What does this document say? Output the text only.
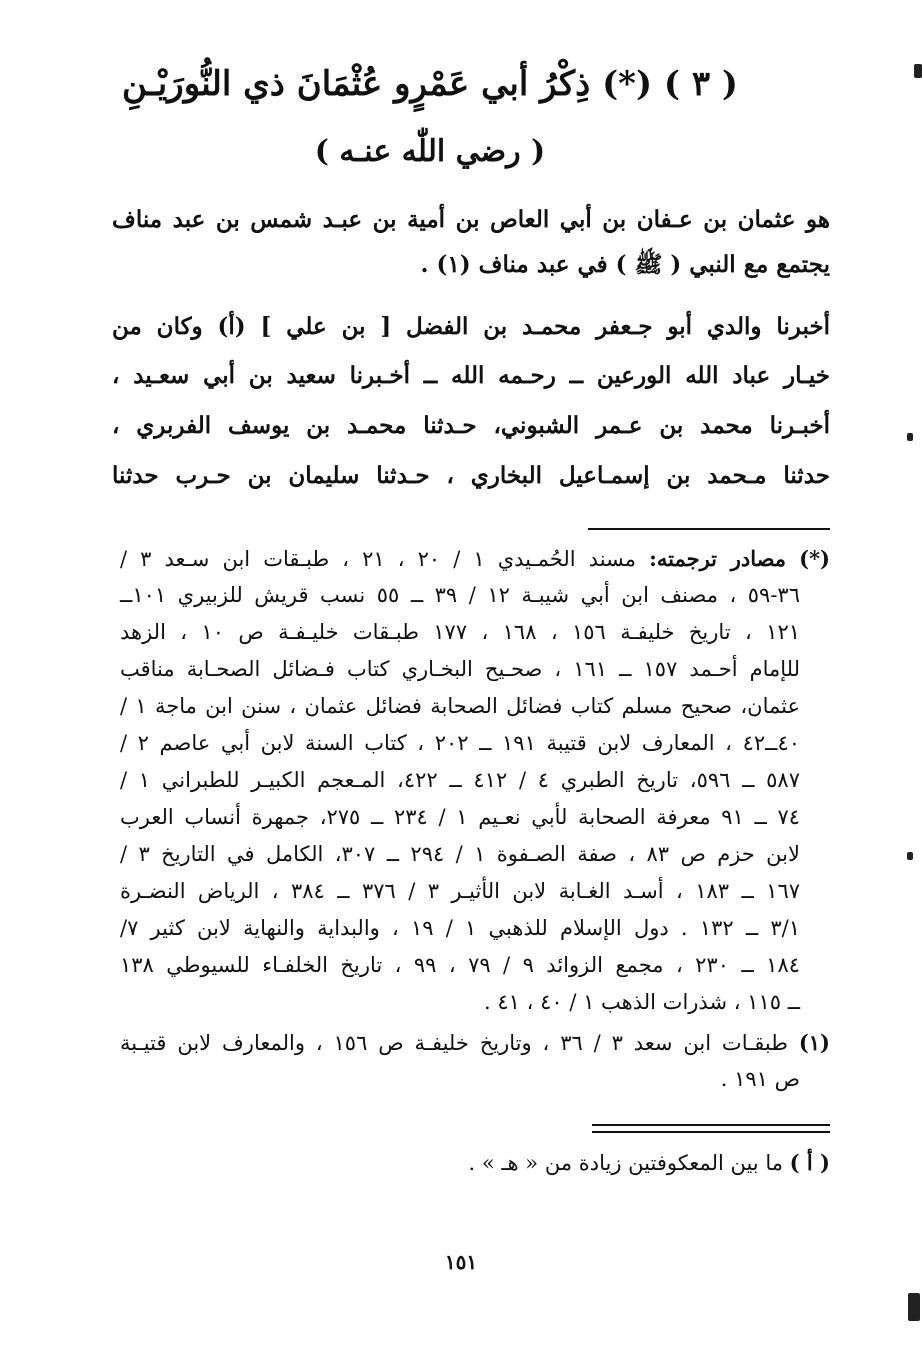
( ٣ ) (*) ذِكْرُ أبي عَمْرٍو عُثْمَانَ ذي النُّورَيْـنِ
( رضي اللّٰه عنـه )
هو عثمان بن عـفان بن أبي العاص بن أمية بن عبـد شمس بن عبد مناف
يجتمع مع النبي ( ﷺ ) في عبد مناف (١) .
أخبرنا والدي أبو جـعفر محمـد بن الفضل [ بن علي ] (أ) وكان من
خيـار عباد الله الورعين ــ رحـمه الله ــ أخـبرنا سعيد بن أبي سعـيد ،
أخبـرنا محمد بن عـمر الشبوني، حـدثنا محمـد بن يوسف الفربري ،
حدثنا مـحمد بن إسمـاعيل البخاري ، حـدثنا سليمان بن حـرب حدثنا
(*) مصادر ترجمته: مسند الحُمـيدي ١ / ٢٠ ، ٢١ ، طبـقات ابن سـعد ٣ /
٣٦-٥٩ ، مصنف ابن أبي شيبـة ١٢ / ٣٩ ــ ٥٥ نسب قريش للزبيري ١٠١ــ
١٢١ ، تاريخ خليفـة ١٥٦ ، ١٦٨ ، ١٧٧ طبـقات خليـفـة ص ١٠ ، الزهد
للإمام أحـمد ١٥٧ ــ ١٦١ ، صحـيح البخـاري كتاب فـضائل الصحـابة مناقب
عثمان، صحيح مسلم كتاب فضائل الصحابة فضائل عثمان ، سنن ابن ماجة ١ /
٤٠ــ٤٢ ، المعارف لابن قتيبة ١٩١ ــ ٢٠٢ ، كتاب السنة لابن أبي عاصم ٢ /
٥٨٧ ــ ٥٩٦، تاريخ الطبري ٤ / ٤١٢ ــ ٤٢٢، المـعجم الكبيـر للطبراني ١ /
٧٤ ــ ٩١ معرفة الصحابة لأبي نعـيم ١ / ٢٣٤ ــ ٢٧٥، جمهرة أنساب العرب
لابن حزم ص ٨٣ ، صفة الصـفوة ١ / ٢٩٤ ــ ٣٠٧، الكامل في التاريخ ٣ /
١٦٧ ــ ١٨٣ ، أسـد الغـابة لابن الأثيـر ٣ / ٣٧٦ ــ ٣٨٤ ، الرياض النضـرة
٣/١ ــ ١٣٢ . دول الإسلام للذهبي ١ / ١٩ ، والبداية والنهاية لابن كثير ٧/
١٨٤ ــ ٢٣٠ ، مجمع الزوائد ٩ / ٧٩ ، ٩٩ ، تاريخ الخلفـاء للسيوطي ١٣٨
ــ ١١٥ ، شذرات الذهب ١ / ٤٠ ، ٤١ .
(١) طبقـات ابن سعد ٣ / ٣٦ ، وتاريخ خليفـة ص ١٥٦ ، والمعارف لابن قتيـبة
ص ١٩١ .
( أ ) ما بين المعكوفتين زيادة من « هـ » .
١٥١
